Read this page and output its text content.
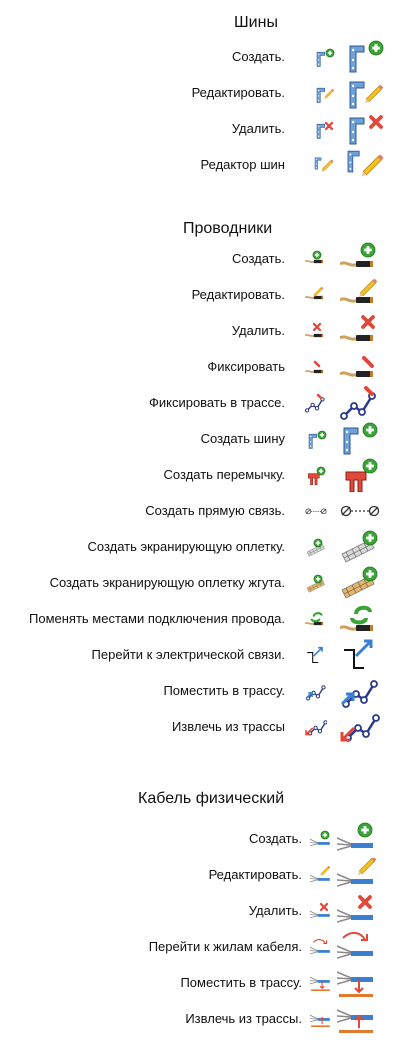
Шины
Создать.
Редактировать.
Удалить.
Редактор шин
Проводники
Создать.
Редактировать.
Удалить.
Фиксировать
Фиксировать в трассе.
Создать шину
Создать перемычку.
Создать прямую связь.
Создать экранирующую оплетку.
Создать экранирующую оплетку жгута.
Поменять местами подключения провода.
Перейти к электрической связи.
Поместить в трассу.
Извлечь из трассы
Кабель физический
Создать.
Редактировать.
Удалить.
Перейти к жилам кабеля.
Поместить в трассу.
Извлечь из трассы.
